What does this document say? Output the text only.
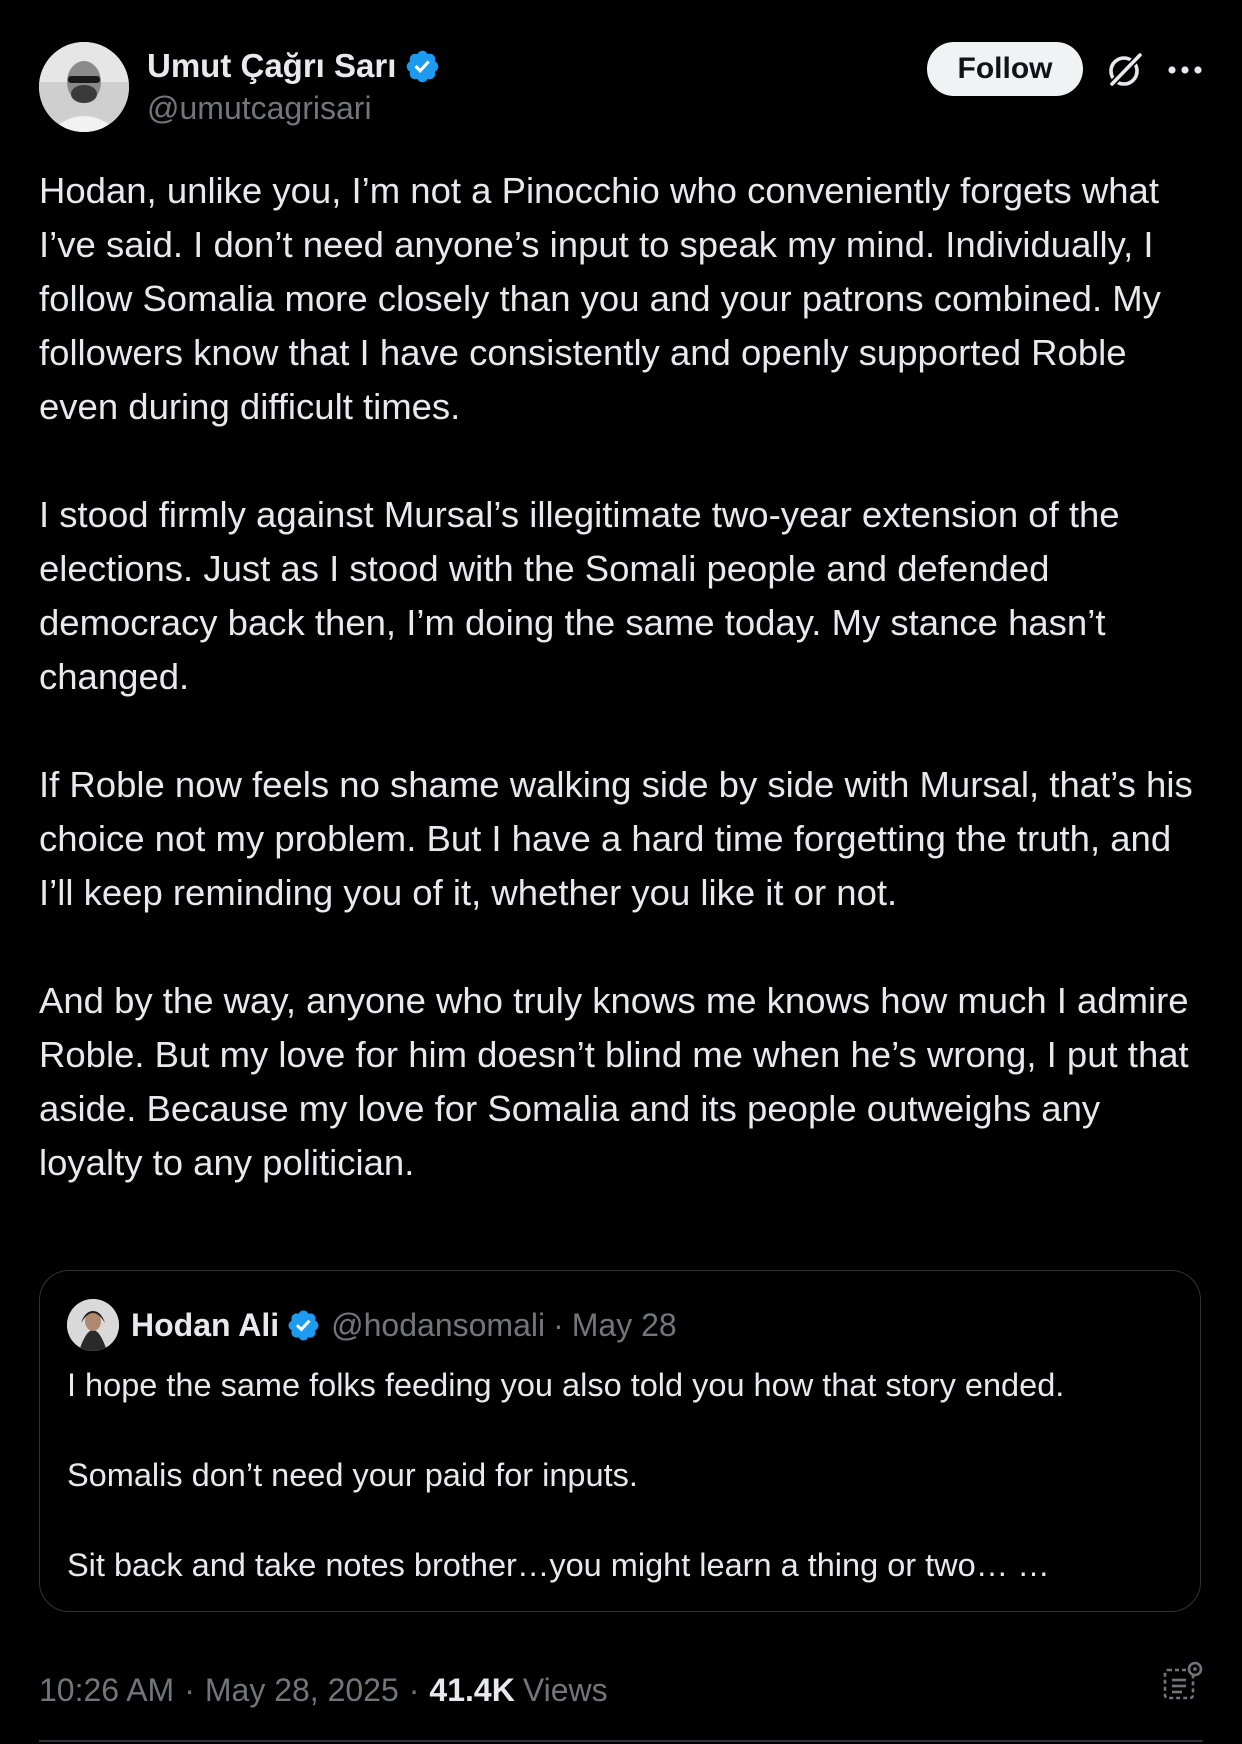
Umut Çağrı Sarı
@umutcagrisari
Follow

Hodan, unlike you, I’m not a Pinocchio who conveniently forgets what I’ve said. I don’t need anyone’s input to speak my mind. Individually, I follow Somalia more closely than you and your patrons combined. My followers know that I have consistently and openly supported Roble even during difficult times.

I stood firmly against Mursal’s illegitimate two-year extension of the elections. Just as I stood with the Somali people and defended democracy back then, I’m doing the same today. My stance hasn’t changed.

If Roble now feels no shame walking side by side with Mursal, that’s his choice not my problem. But I have a hard time forgetting the truth, and I’ll keep reminding you of it, whether you like it or not.

And by the way, anyone who truly knows me knows how much I admire Roble. But my love for him doesn’t blind me when he’s wrong, I put that aside. Because my love for Somalia and its people outweighs any loyalty to any politician.

Hodan Ali @hodansomali · May 28

I hope the same folks feeding you also told you how that story ended.

Somalis don’t need your paid for inputs.

Sit back and take notes brother…you might learn a thing or two… …

10:26 AM · May 28, 2025 · 41.4K Views
